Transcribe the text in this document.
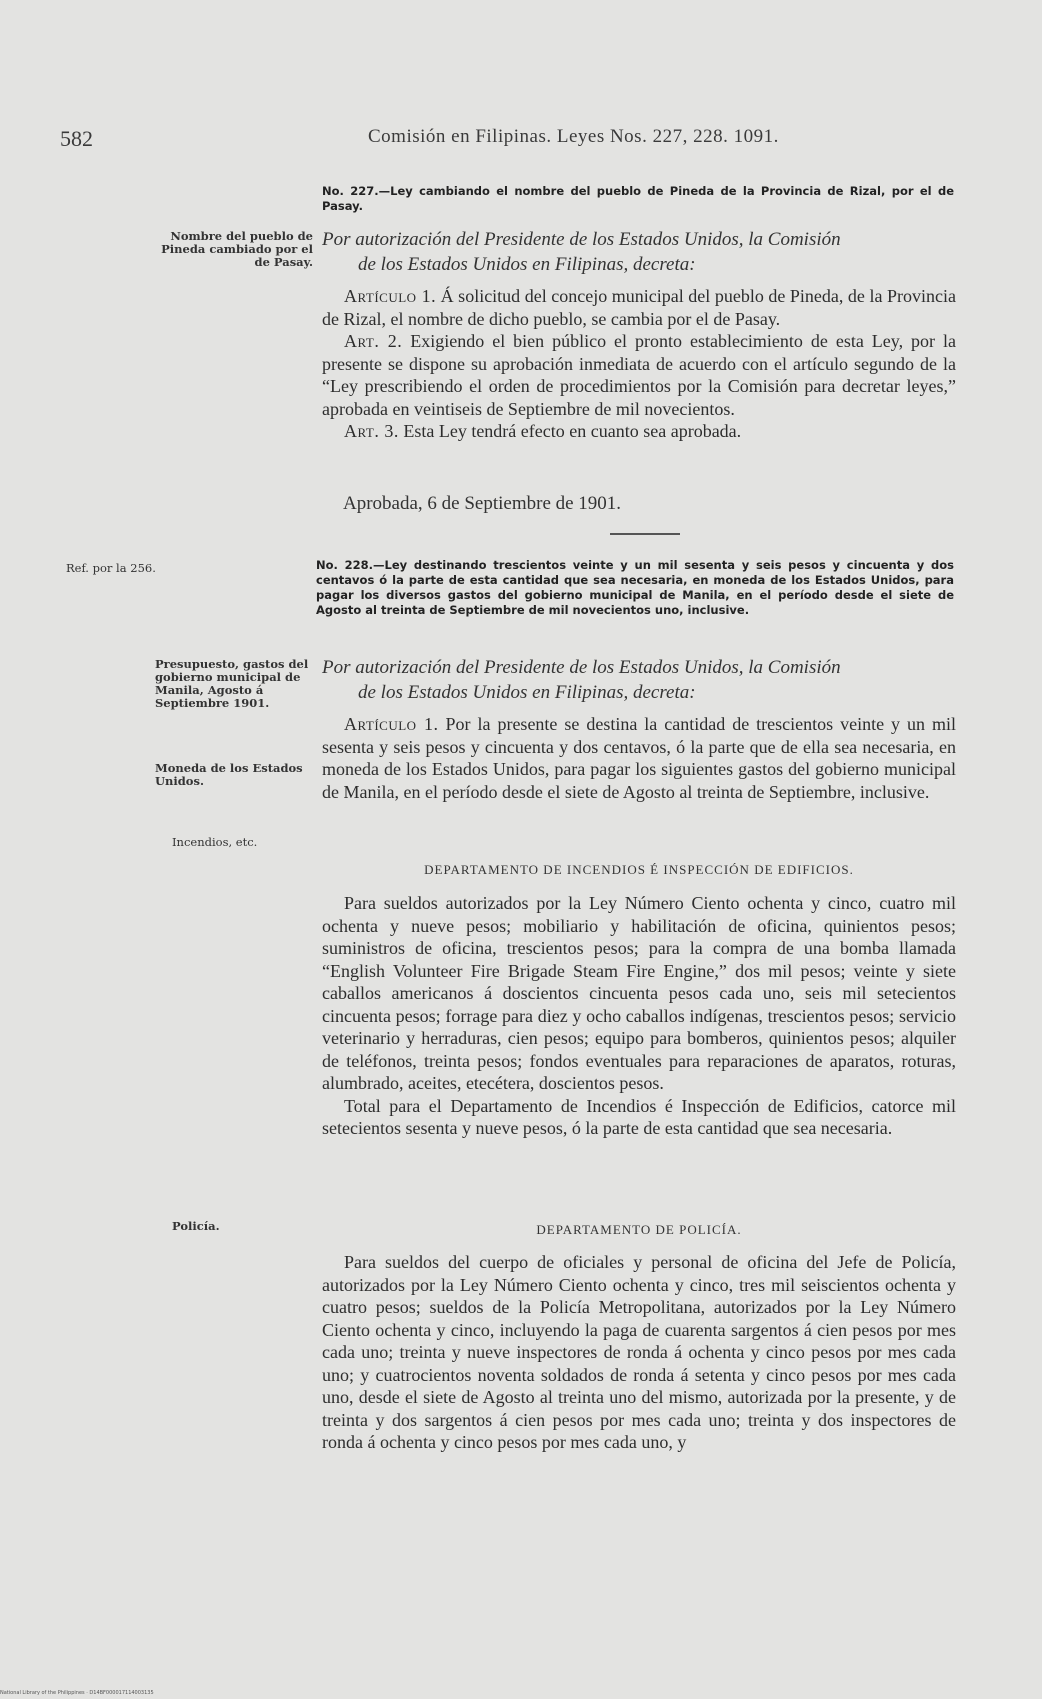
582	Comisión en Filipinas. Leyes Nos. 227, 228. 1091.
Nombre del pueblo de Pineda cambiado por el de Pasay.
Ref. por la 256.
Presupuesto, gastos del gobierno municipal de Manila, Agosto á Septiembre 1901.
Moneda de los Estados Unidos.
Incendios, etc.
Policía.
No. 227.—Ley cambiando el nombre del pueblo de Pineda de la Provincia de Rizal, por el de Pasay.
Por autorización del Presidente de los Estados Unidos, la Comisión
de los Estados Unidos en Filipinas, decreta:

Artículo 1. Á solicitud del concejo municipal del pueblo de Pineda, de la Provincia de Rizal, el nombre de dicho pueblo, se cambia por el de Pasay.

Art. 2. Exigiendo el bien público el pronto establecimiento de esta Ley, por la presente se dispone su aprobación inmediata de acuerdo con el artículo segundo de la “Ley prescribiendo el orden de procedimientos por la Comisión para decretar leyes,” aprobada en veintiseis de Septiembre de mil novecientos.

Art. 3. Esta Ley tendrá efecto en cuanto sea aprobada.

Aprobada, 6 de Septiembre de 1901.
No. 228.—Ley destinando trescientos veinte y un mil sesenta y seis pesos y cincuenta y dos centavos ó la parte de esta cantidad que sea necesaria, en moneda de los Estados Unidos, para pagar los diversos gastos del gobierno municipal de Manila, en el período desde el siete de Agosto al treinta de Septiembre de mil novecientos uno, inclusive.
Por autorización del Presidente de los Estados Unidos, la Comisión
de los Estados Unidos en Filipinas, decreta:

Artículo 1. Por la presente se destina la cantidad de trescientos veinte y un mil sesenta y seis pesos y cincuenta y dos centavos, ó la parte que de ella sea necesaria, en moneda de los Estados Unidos, para pagar los siguientes gastos del gobierno municipal de Manila, en el período desde el siete de Agosto al treinta de Septiembre, inclusive.

DEPARTAMENTO DE INCENDIOS É INSPECCIÓN DE EDIFICIOS.

Para sueldos autorizados por la Ley Número Ciento ochenta y cinco, cuatro mil ochenta y nueve pesos; mobiliario y habilitación de oficina, quinientos pesos; suministros de oficina, trescientos pesos; para la compra de una bomba llamada “English Volunteer Fire Brigade Steam Fire Engine,” dos mil pesos; veinte y siete caballos americanos á doscientos cincuenta pesos cada uno, seis mil setecientos cincuenta pesos; forrage para diez y ocho caballos indígenas, trescientos pesos; servicio veterinario y herraduras, cien pesos; equipo para bomberos, quinientos pesos; alquiler de teléfonos, treinta pesos; fondos eventuales para reparaciones de aparatos, roturas, alumbrado, aceites, etecétera, doscientos pesos.

Total para el Departamento de Incendios é Inspección de Edificios, catorce mil setecientos sesenta y nueve pesos, ó la parte de esta cantidad que sea necesaria.

DEPARTAMENTO DE POLICÍA.

Para sueldos del cuerpo de oficiales y personal de oficina del Jefe de Policía, autorizados por la Ley Número Ciento ochenta y cinco, tres mil seiscientos ochenta y cuatro pesos; sueldos de la Policía Metropolitana, autorizados por la Ley Número Ciento ochenta y cinco, incluyendo la paga de cuarenta sargentos á cien pesos por mes cada uno; treinta y nueve inspectores de ronda á ochenta y cinco pesos por mes cada uno; y cuatrocientos noventa soldados de ronda á setenta y cinco pesos por mes cada uno, desde el siete de Agosto al treinta uno del mismo, autorizada por la presente, y de treinta y dos sargentos á cien pesos por mes cada uno; treinta y dos inspectores de ronda á ochenta y cinco pesos por mes cada uno, y

National Library of the Philippines · D14BF000017114003135
